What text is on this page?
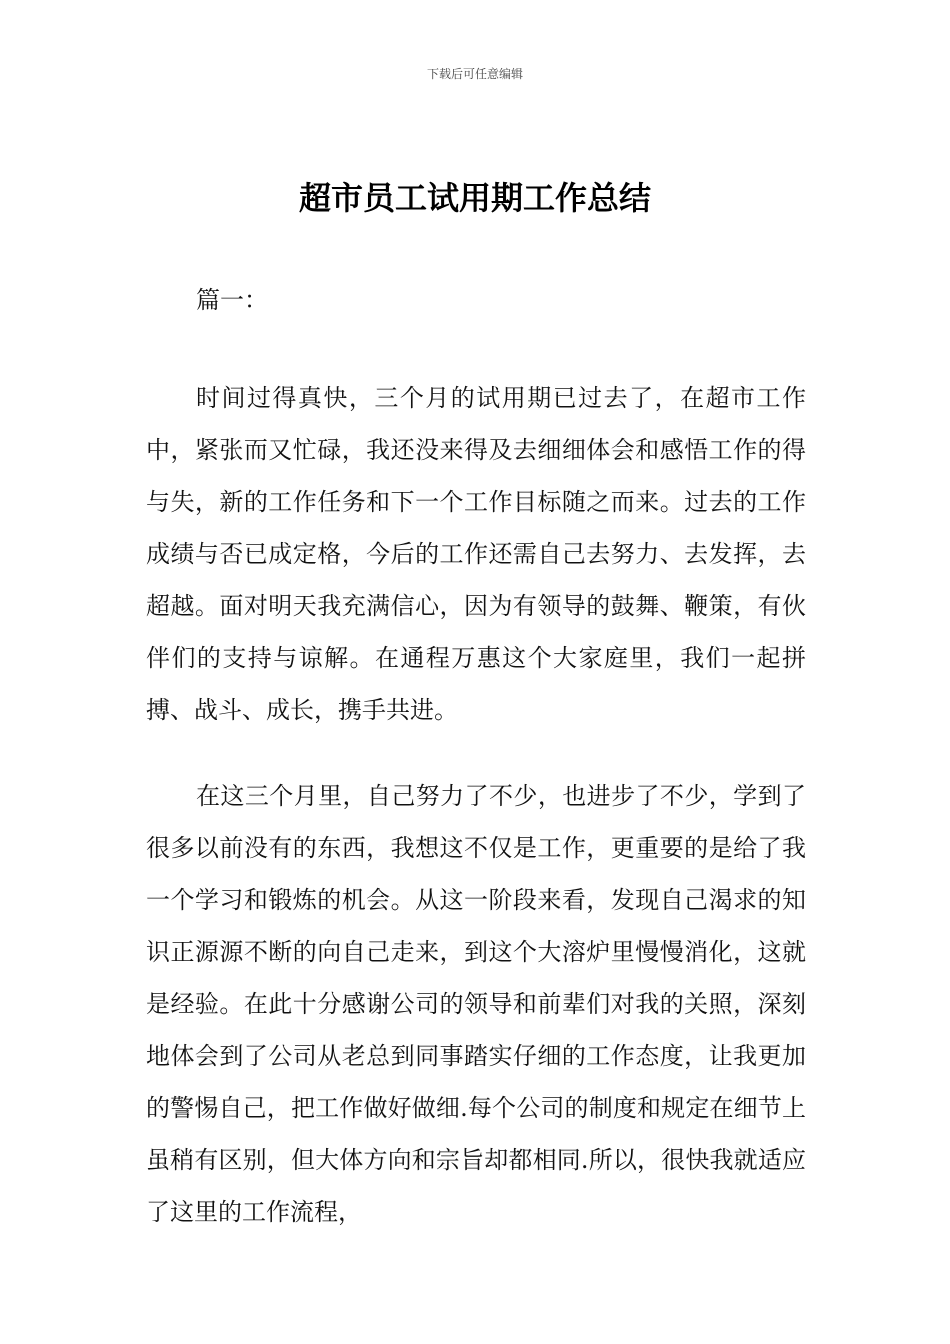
下载后可任意编辑
超市员工试用期工作总结
篇一：

时间过得真快，三个月的试用期已过去了，在超市工作中，紧张而又忙碌，我还没来得及去细细体会和感悟工作的得与失，新的工作任务和下一个工作目标随之而来。过去的工作成绩与否已成定格，今后的工作还需自己去努力、去发挥，去超越。面对明天我充满信心，因为有领导的鼓舞、鞭策，有伙伴们的支持与谅解。在通程万惠这个大家庭里，我们一起拼搏、战斗、成长，携手共进。

在这三个月里，自己努力了不少，也进步了不少，学到了很多以前没有的东西，我想这不仅是工作，更重要的是给了我一个学习和锻炼的机会。从这一阶段来看，发现自己渴求的知识正源源不断的向自己走来，到这个大溶炉里慢慢消化，这就是经验。在此十分感谢公司的领导和前辈们对我的关照，深刻地体会到了公司从老总到同事踏实仔细的工作态度，让我更加的警惕自己，把工作做好做细.每个公司的制度和规定在细节上虽稍有区别，但大体方向和宗旨却都相同.所以，很快我就适应了这里的工作流程，
